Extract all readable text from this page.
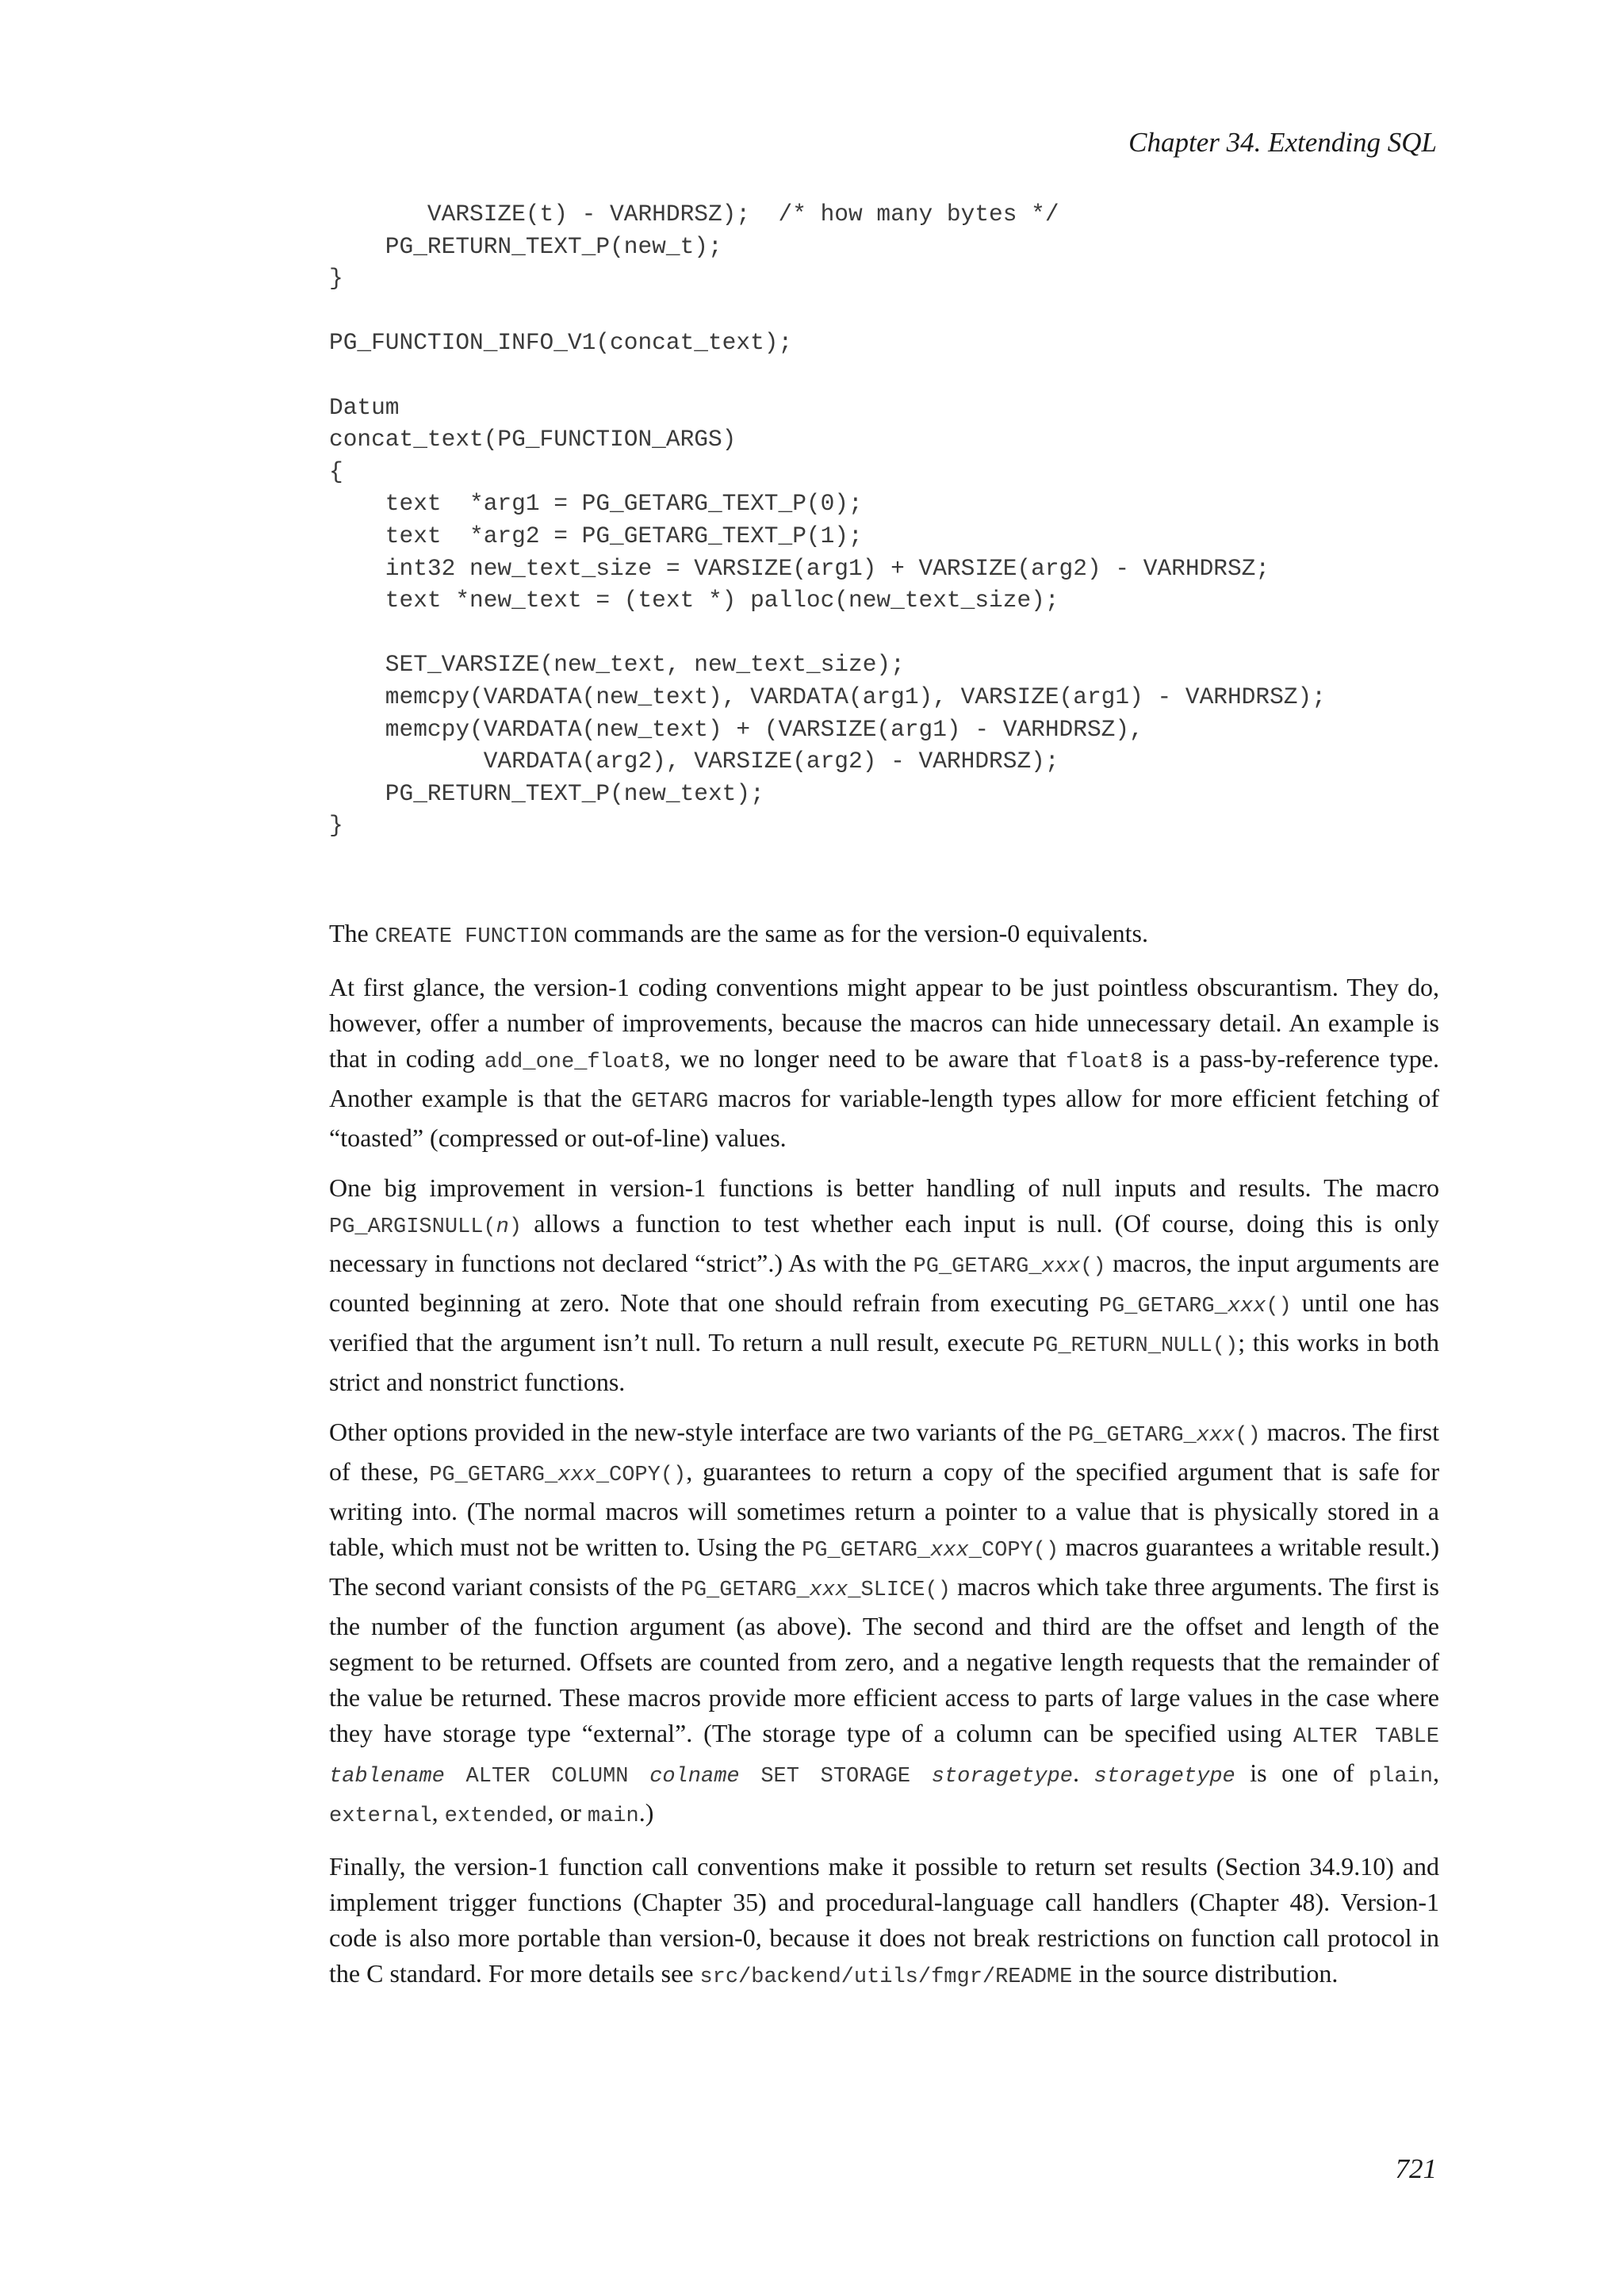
Chapter 34. Extending SQL
VARSIZE(t) - VARHDRSZ);  /* how many bytes */
PG_RETURN_TEXT_P(new_t);
}
PG_FUNCTION_INFO_V1(concat_text);
Datum
concat_text(PG_FUNCTION_ARGS)
{
text  *arg1 = PG_GETARG_TEXT_P(0);
text  *arg2 = PG_GETARG_TEXT_P(1);
int32 new_text_size = VARSIZE(arg1) + VARSIZE(arg2) - VARHDRSZ;
text *new_text = (text *) palloc(new_text_size);
SET_VARSIZE(new_text, new_text_size);
memcpy(VARDATA(new_text), VARDATA(arg1), VARSIZE(arg1) - VARHDRSZ);
memcpy(VARDATA(new_text) + (VARSIZE(arg1) - VARHDRSZ),
VARDATA(arg2), VARSIZE(arg2) - VARHDRSZ);
PG_RETURN_TEXT_P(new_text);
}

The CREATE FUNCTION commands are the same as for the version-0 equivalents.

At first glance, the version-1 coding conventions might appear to be just pointless obscurantism. They do, however, offer a number of improvements, because the macros can hide unnecessary detail. An example is that in coding add_one_float8, we no longer need to be aware that float8 is a pass-by-reference type. Another example is that the GETARG macros for variable-length types allow for more efficient fetching of “toasted” (compressed or out-of-line) values.

One big improvement in version-1 functions is better handling of null inputs and results. The macro PG_ARGISNULL(n) allows a function to test whether each input is null. (Of course, doing this is only necessary in functions not declared “strict”.) As with the PG_GETARG_xxx() macros, the input arguments are counted beginning at zero. Note that one should refrain from executing PG_GETARG_xxx() until one has verified that the argument isn’t null. To return a null result, execute PG_RETURN_NULL(); this works in both strict and nonstrict functions.

Other options provided in the new-style interface are two variants of the PG_GETARG_xxx() macros. The first of these, PG_GETARG_xxx_COPY(), guarantees to return a copy of the specified argument that is safe for writing into. (The normal macros will sometimes return a pointer to a value that is physically stored in a table, which must not be written to. Using the PG_GETARG_xxx_COPY() macros guarantees a writable result.) The second variant consists of the PG_GETARG_xxx_SLICE() macros which take three arguments. The first is the number of the function argument (as above). The second and third are the offset and length of the segment to be returned. Offsets are counted from zero, and a negative length requests that the remainder of the value be returned. These macros provide more efficient access to parts of large values in the case where they have storage type “external”. (The storage type of a column can be specified using ALTER TABLE tablename ALTER COLUMN colname SET STORAGE storagetype. storagetype is one of plain, external, extended, or main.)

Finally, the version-1 function call conventions make it possible to return set results (Section 34.9.10) and implement trigger functions (Chapter 35) and procedural-language call handlers (Chapter 48). Version-1 code is also more portable than version-0, because it does not break restrictions on function call protocol in the C standard. For more details see src/backend/utils/fmgr/README in the source distribution.

721
